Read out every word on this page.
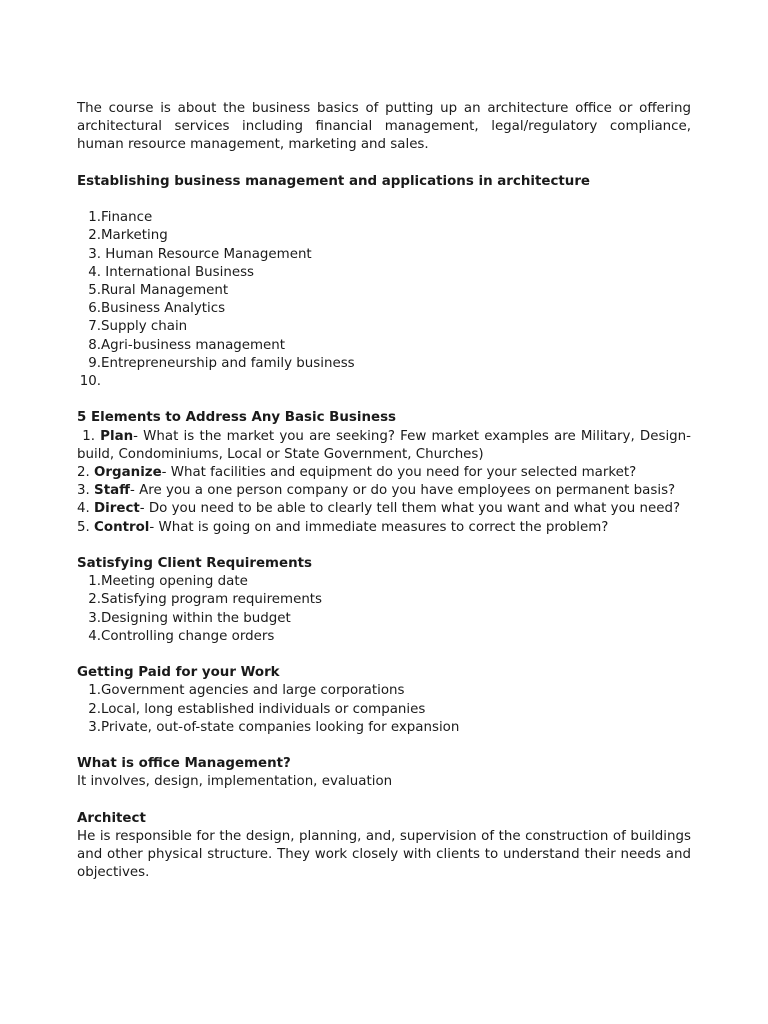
The course is about the business basics of putting up an architecture office or offering architectural services including financial management, legal/regulatory compliance, human resource management, marketing and sales.

Establishing business management and applications in architecture

1. Finance
2. Marketing
3. Human Resource Management
4. International Business
5. Rural Management
6. Business Analytics
7. Supply chain
8. Agri-business management
9. Entrepreneurship and family business
10.

5 Elements to Address Any Basic Business

1. Plan- What is the market you are seeking? Few market examples are Military, Design-build, Condominiums, Local or State Government, Churches)

2. Organize- What facilities and equipment do you need for your selected market?

3. Staff- Are you a one person company or do you have employees on permanent basis?

4. Direct- Do you need to be able to clearly tell them what you want and what you need?

5. Control- What is going on and immediate measures to correct the problem?

Satisfying Client Requirements

1. Meeting opening date
2. Satisfying program requirements
3. Designing within the budget
4. Controlling change orders

Getting Paid for your Work

1. Government agencies and large corporations
2. Local, long established individuals or companies
3. Private, out-of-state companies looking for expansion

What is office Management?

It involves, design, implementation, evaluation

Architect

He is responsible for the design, planning, and, supervision of the construction of buildings and other physical structure. They work closely with clients to understand their needs and objectives.
